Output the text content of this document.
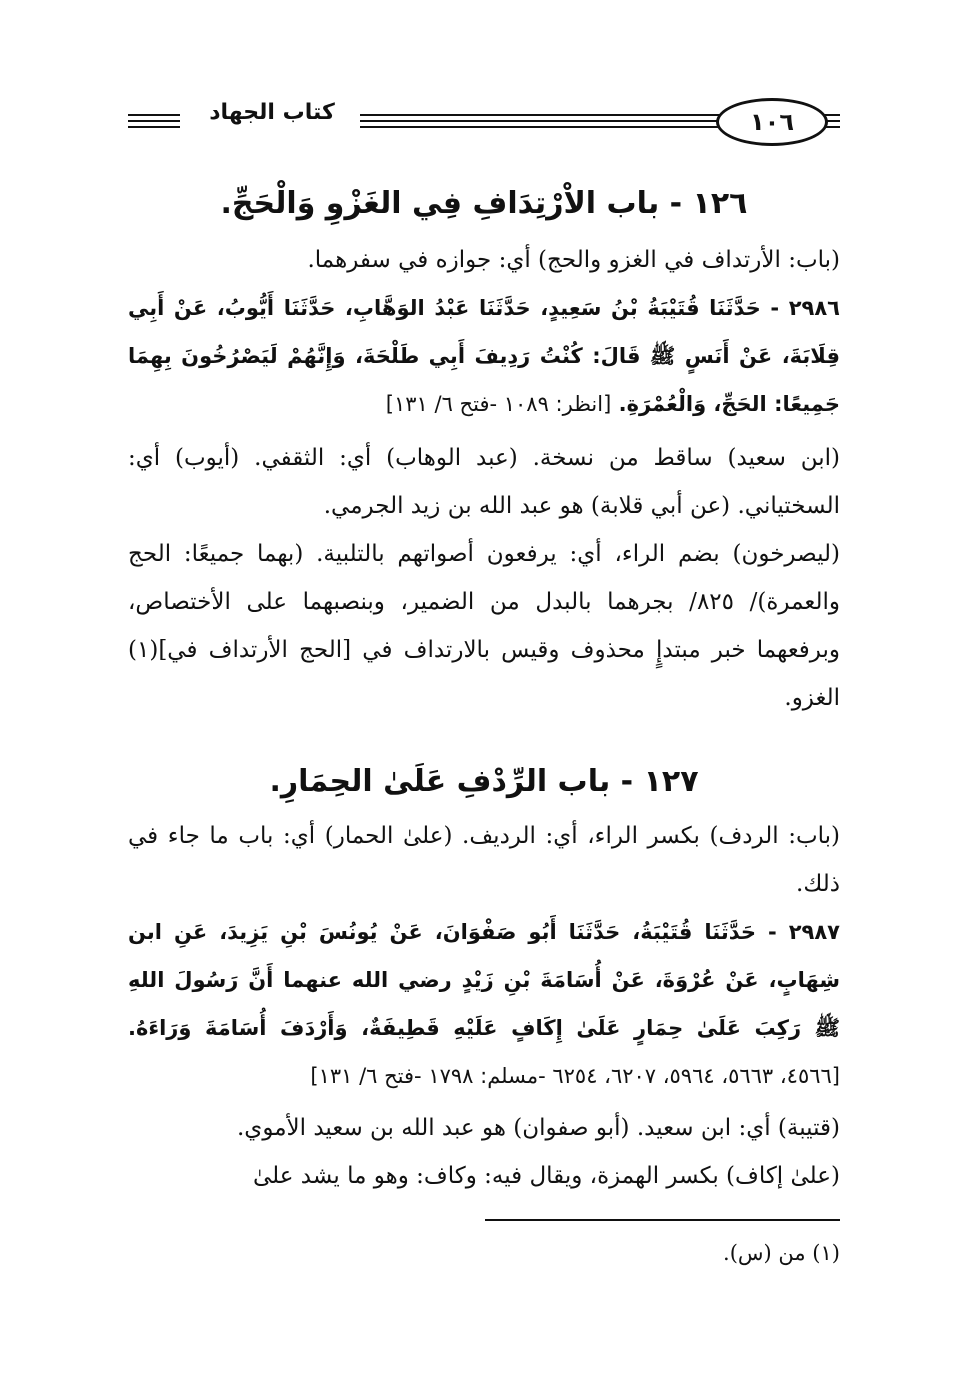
كتاب الجهاد	١٠٦
١٢٦ - باب الاْرْتِدَافِ فِي الغَزْوِ وَالْحَجِّ.

(باب: الأرتداف في الغزو والحج) أي: جوازه في سفرهما.

٢٩٨٦ - حَدَّثَنَا قُتَيْبَةُ بْنُ سَعِيدٍ، حَدَّثَنَا عَبْدُ الوَهَّابِ، حَدَّثَنَا أَيُّوبُ، عَنْ أَبِي قِلَابَةَ، عَنْ أَنَسٍ ﷺ قَالَ: كُنْتُ رَدِيفَ أَبِي طَلْحَةَ، وَإِنَّهُمْ لَيَصْرُخُونَ بِهِمَا جَمِيعًا: الحَجِّ، وَالْعُمْرَةِ. [انظر: ١٠٨٩ -فتح ٦/ ١٣١]

(ابن سعيد) ساقط من نسخة. (عبد الوهاب) أي: الثقفي. (أيوب) أي: السختياني. (عن أبي قلابة) هو عبد الله بن زيد الجرمي.

(ليصرخون) بضم الراء، أي: يرفعون أصواتهم بالتلبية. (بهما جميعًا: الحج والعمرة)/ ٨٢٥/ بجرهما بالبدل من الضمير، وبنصبهما على الأختصاص، وبرفعهما خبر مبتدإٍ محذوف وقيس بالارتداف في [الحج الأرتداف في](١) الغزو.

١٢٧ - باب الرِّدْفِ عَلَىٰ الحِمَارِ.

(باب: الردف) بكسر الراء، أي: الرديف. (علىٰ الحمار) أي: باب ما جاء في ذلك.

٢٩٨٧ - حَدَّثَنَا قُتَيْبَةُ، حَدَّثَنَا أَبُو صَفْوَانَ، عَنْ يُونُسَ بْنِ يَزِيدَ، عَنِ ابن شِهَابٍ، عَنْ عُرْوَةَ، عَنْ أُسَامَةَ بْنِ زَيْدٍ رضي الله عنهما أَنَّ رَسُولَ اللهِ ﷺ رَكِبَ عَلَىٰ حِمَارٍ عَلَىٰ إِكَافٍ عَلَيْهِ قَطِيفَةٌ، وَأَرْدَفَ أُسَامَةَ وَرَاءَهُ. [٤٥٦٦، ٥٦٦٣، ٥٩٦٤، ٦٢٠٧، ٦٢٥٤ -مسلم: ١٧٩٨ -فتح ٦/ ١٣١]

(قتيبة) أي: ابن سعيد. (أبو صفوان) هو عبد الله بن سعيد الأموي.

(علىٰ إكاف) بكسر الهمزة، ويقال فيه: وكاف: وهو ما يشد علىٰ

(١) من (س).
